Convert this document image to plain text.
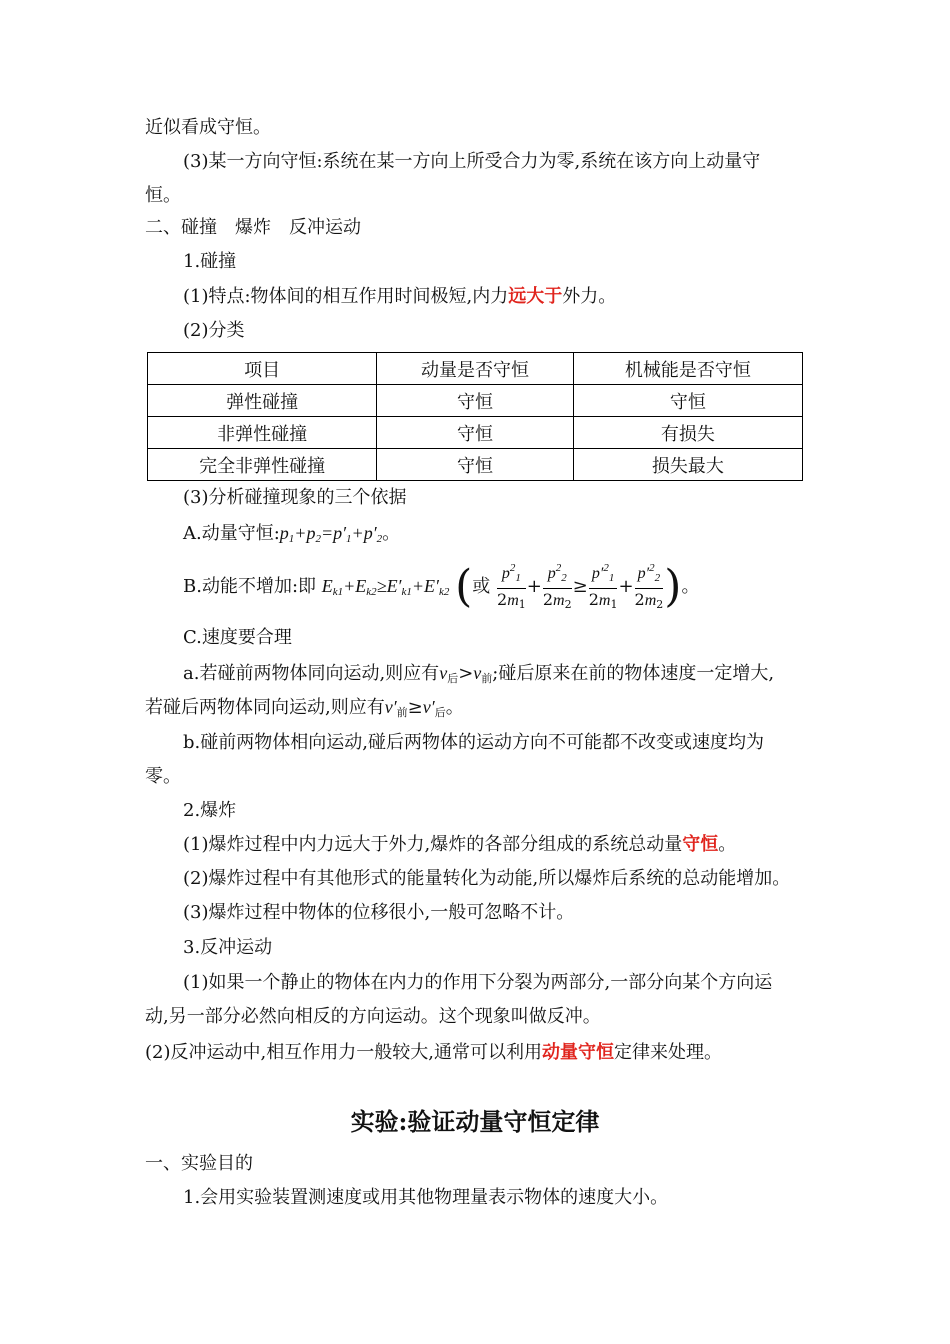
近似看成守恒。
(3)某一方向守恒:系统在某一方向上所受合力为零,系统在该方向上动量守
恒。
二、碰撞　爆炸　反冲运动
1.碰撞
(1)特点:物体间的相互作用时间极短,内力远大于外力。
(2)分类
项目	动量是否守恒	机械能是否守恒
弹性碰撞	守恒	守恒
非弹性碰撞	守恒	有损失
完全非弹性碰撞	守恒	损失最大
(3)分析碰撞现象的三个依据
A.动量守恒$:p_1+p_2=p'_1+p'_2$。
B.动能不增加:即 $E_{k1}+E_{k2}\ge E'_{k1}+E'_{k2}$ (或 $\frac{p^2_1}{2m_1} + \frac{p^2_2}{2m_2} \ge \frac{p'^2_1}{2m_1} + \frac{p'^2_2}{2m_2}$ )。
C.速度要合理
a.若碰前两物体同向运动,则应有$v_后>v_前$;碰后原来在前的物体速度一定增大,
若碰后两物体同向运动,则应有$v'_前\ge v'_后$。
b.碰前两物体相向运动,碰后两物体的运动方向不可能都不改变或速度均为
零。
2.爆炸
(1)爆炸过程中内力远大于外力,爆炸的各部分组成的系统总动量守恒。
(2)爆炸过程中有其他形式的能量转化为动能,所以爆炸后系统的总动能增加。
(3)爆炸过程中物体的位移很小,一般可忽略不计。
3.反冲运动
(1)如果一个静止的物体在内力的作用下分裂为两部分,一部分向某个方向运
动,另一部分必然向相反的方向运动。这个现象叫做反冲。
(2)反冲运动中,相互作用力一般较大,通常可以利用动量守恒定律来处理。
实验:验证动量守恒定律
一、实验目的
1.会用实验装置测速度或用其他物理量表示物体的速度大小。
